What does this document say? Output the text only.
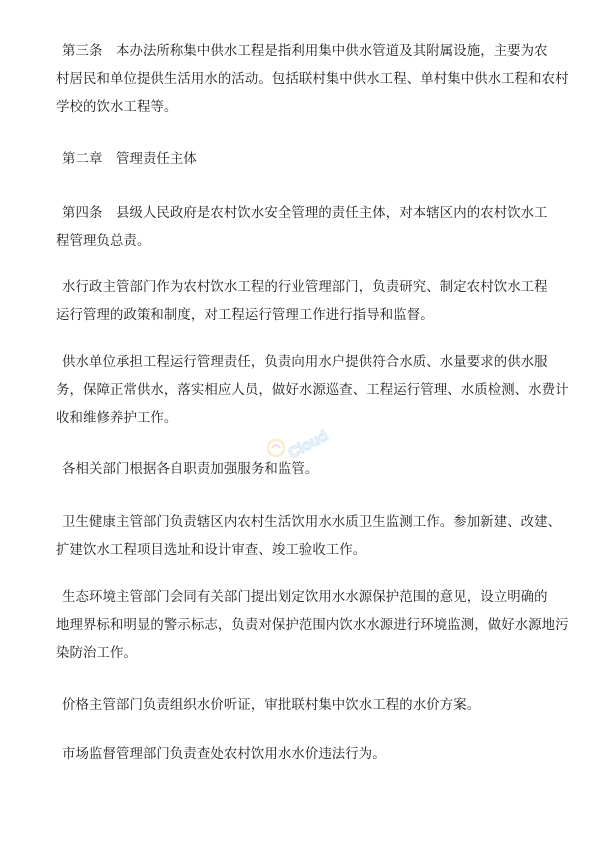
第三条　本办法所称集中供水工程是指利用集中供水管道及其附属设施，主要为农
村居民和单位提供生活用水的活动。包括联村集中供水工程、单村集中供水工程和农村
学校的饮水工程等。

第二章　管理责任主体

第四条　县级人民政府是农村饮水安全管理的责任主体，对本辖区内的农村饮水工
程管理负总责。

水行政主管部门作为农村饮水工程的行业管理部门，负责研究、制定农村饮水工程
运行管理的政策和制度，对工程运行管理工作进行指导和监督。

供水单位承担工程运行管理责任，负责向用水户提供符合水质、水量要求的供水服
务，保障正常供水，落实相应人员，做好水源巡查、工程运行管理、水质检测、水费计
收和维修养护工作。

各相关部门根据各自职责加强服务和监管。

卫生健康主管部门负责辖区内农村生活饮用水水质卫生监测工作。参加新建、改建、
扩建饮水工程项目选址和设计审查、竣工验收工作。

生态环境主管部门会同有关部门提出划定饮用水水源保护范围的意见，设立明确的
地理界标和明显的警示标志，负责对保护范围内饮水水源进行环境监测，做好水源地污
染防治工作。

价格主管部门负责组织水价听证，审批联村集中饮水工程的水价方案。

市场监督管理部门负责查处农村饮用水水价违法行为。

Cloud
